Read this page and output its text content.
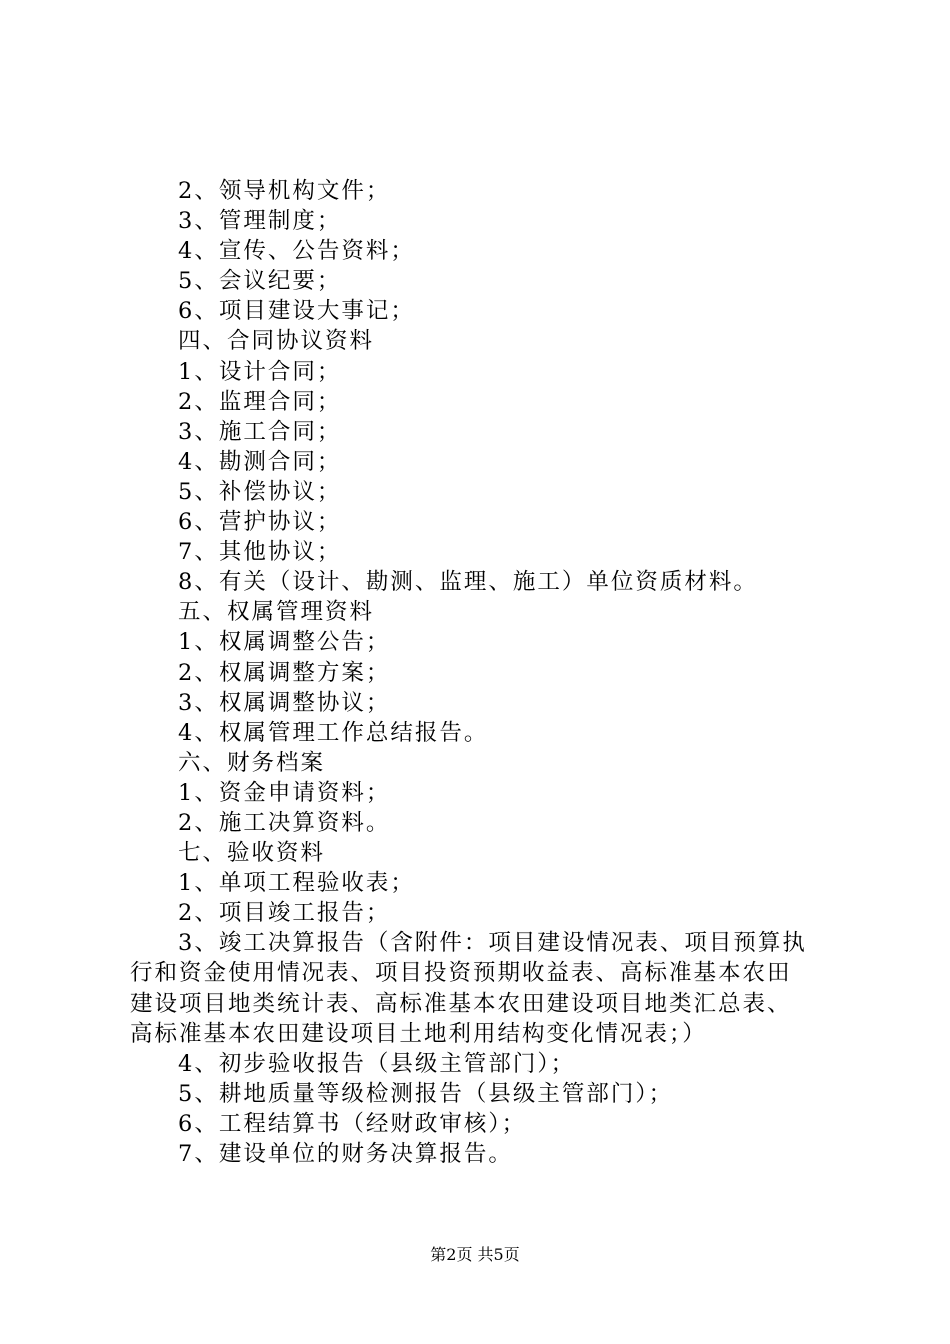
2、领导机构文件；
3、管理制度；
4、宣传、公告资料；
5、会议纪要；
6、项目建设大事记；
四、合同协议资料
1、设计合同；
2、监理合同；
3、施工合同；
4、勘测合同；
5、补偿协议；
6、营护协议；
7、其他协议；
8、有关（设计、勘测、监理、施工）单位资质材料。
五、权属管理资料
1、权属调整公告；
2、权属调整方案；
3、权属调整协议；
4、权属管理工作总结报告。
六、财务档案
1、资金申请资料；
2、施工决算资料。
七、验收资料
1、单项工程验收表；
2、项目竣工报告；
3、竣工决算报告（含附件：项目建设情况表、项目预算执
行和资金使用情况表、项目投资预期收益表、高标准基本农田
建设项目地类统计表、高标准基本农田建设项目地类汇总表、
高标准基本农田建设项目土地利用结构变化情况表；）
4、初步验收报告（县级主管部门）；
5、耕地质量等级检测报告（县级主管部门）；
6、工程结算书（经财政审核）；
7、建设单位的财务决算报告。
第2页 共5页
